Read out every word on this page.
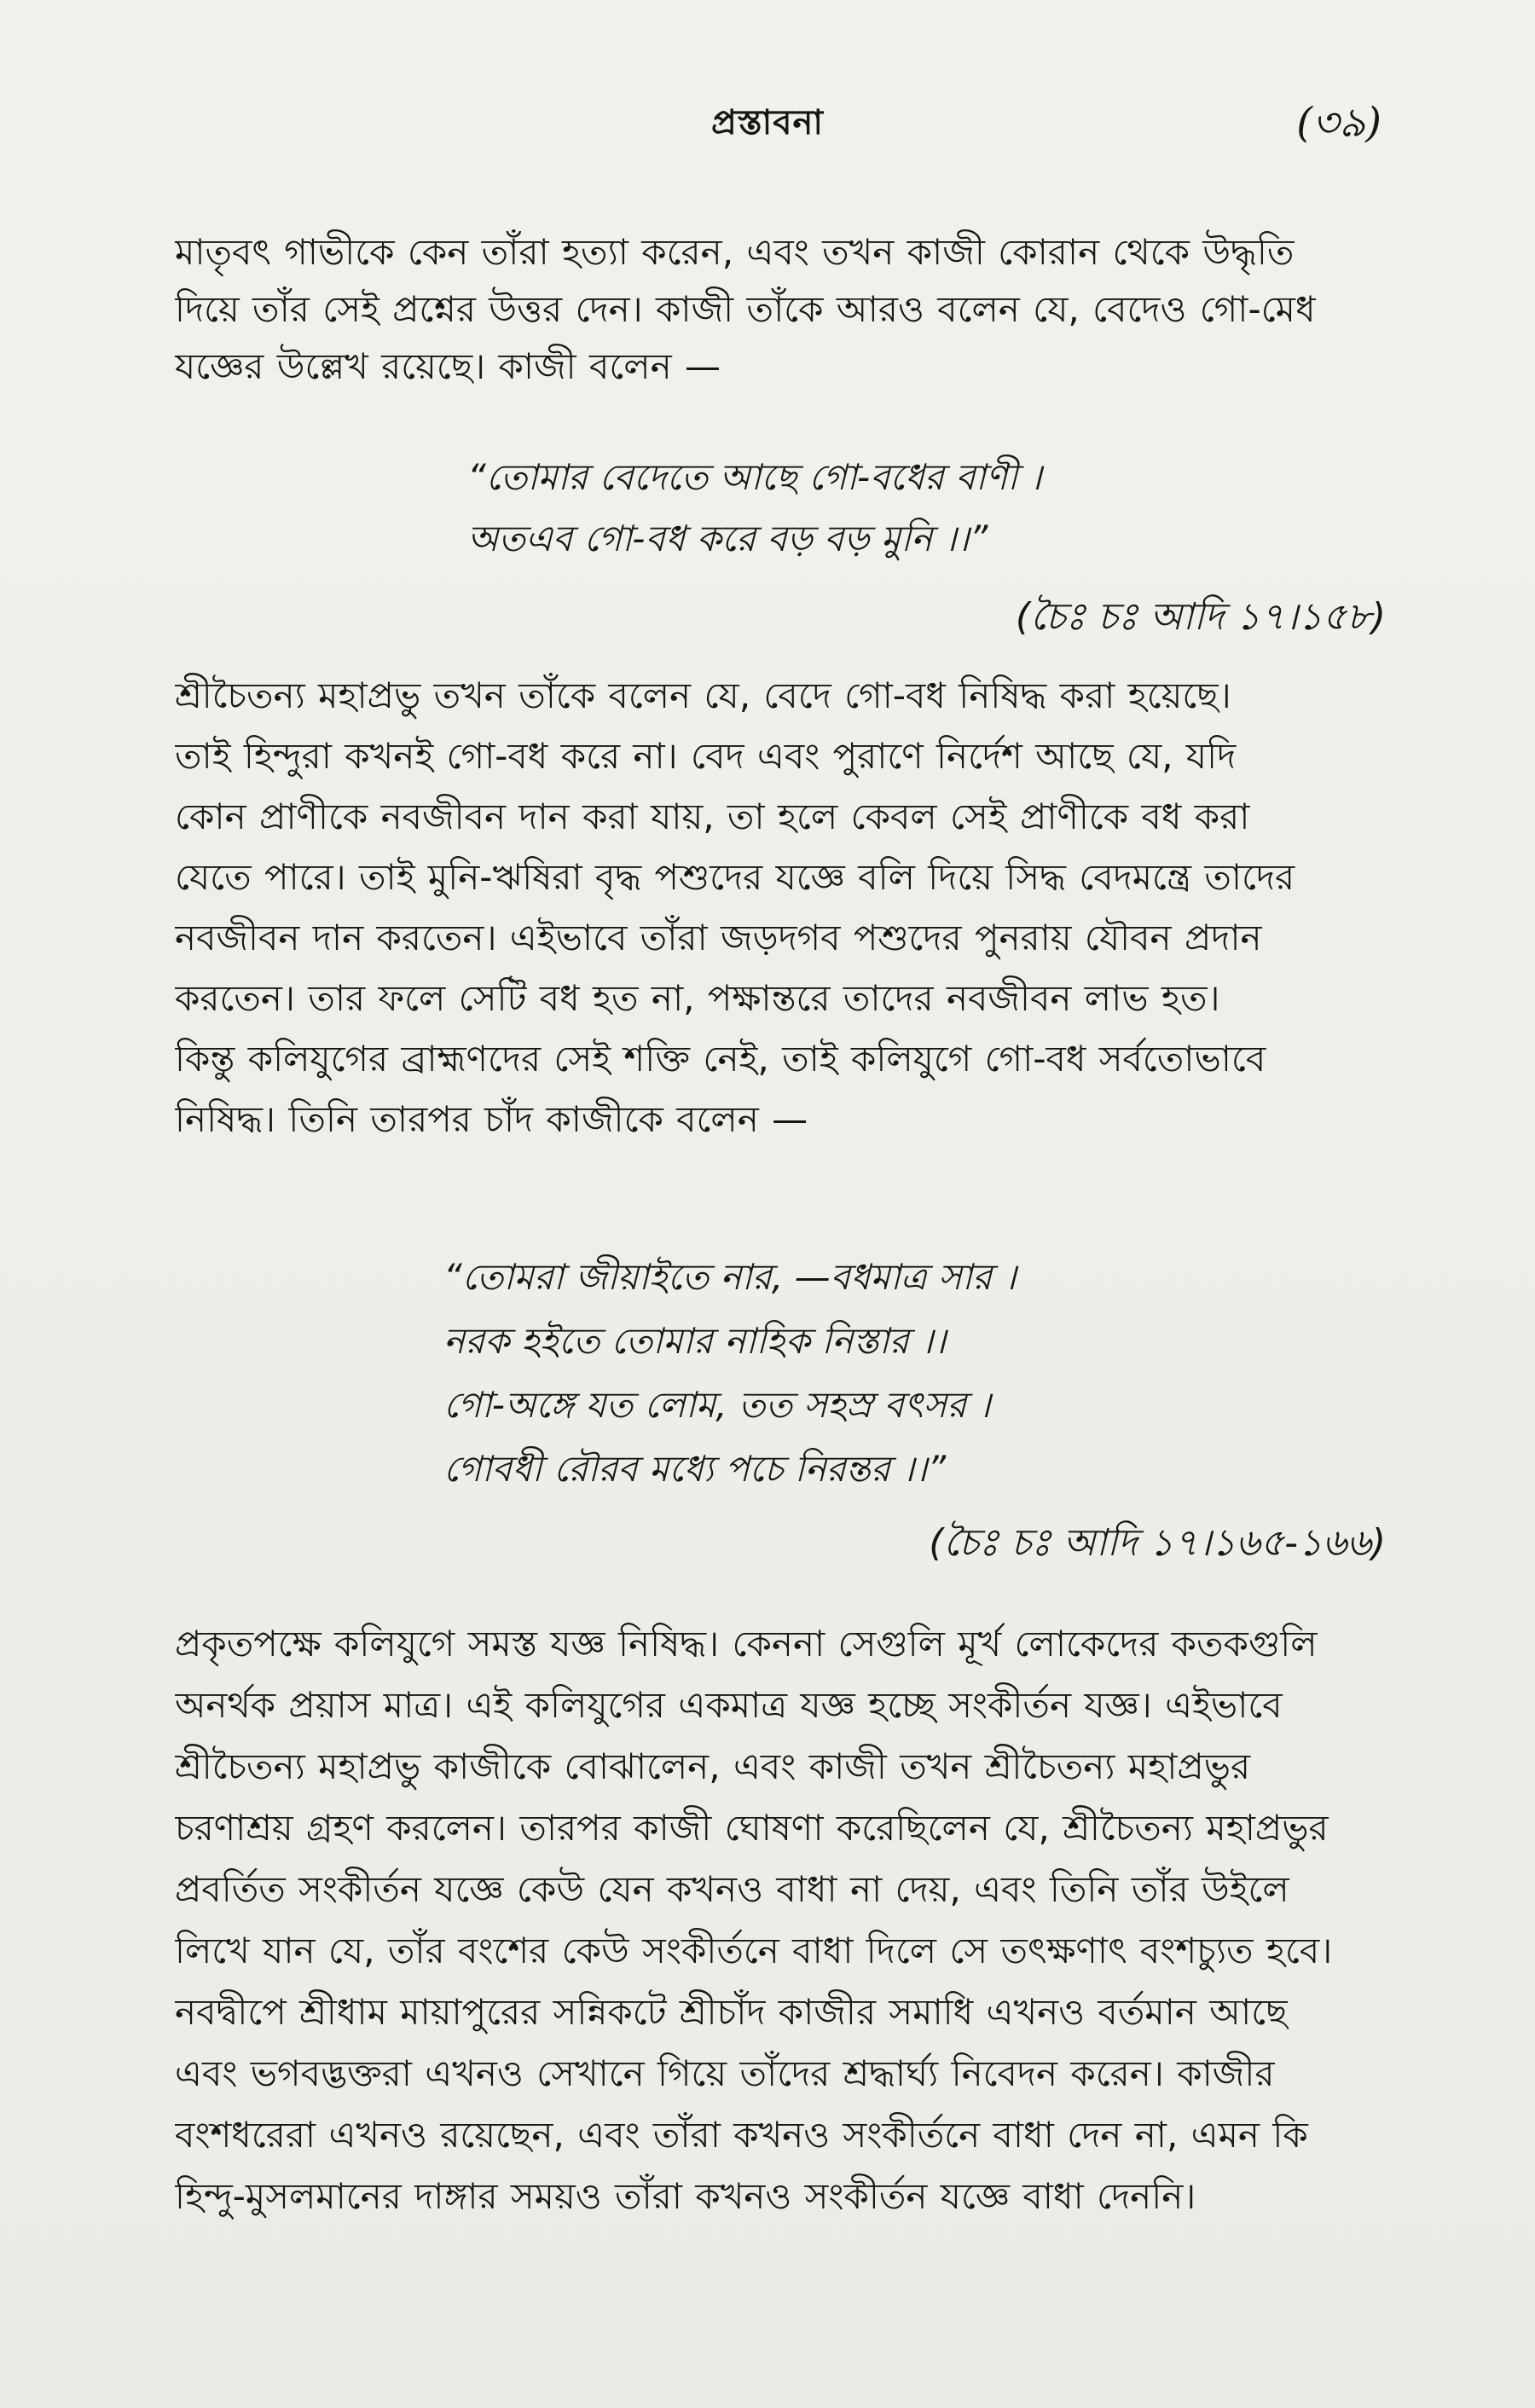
প্রস্তাবনা	(৩৯)

মাতৃবৎ গাভীকে কেন তাঁরা হত্যা করেন, এবং তখন কাজী কোরান থেকে উদ্ধৃতি
দিয়ে তাঁর সেই প্রশ্নের উত্তর দেন। কাজী তাঁকে আরও বলেন যে, বেদেও গো-মেধ
যজ্ঞের উল্লেখ রয়েছে। কাজী বলেন —

“তোমার বেদেতে আছে গো-বধের বাণী ।
অতএব গো-বধ করে বড় বড় মুনি ।।”
(চৈঃ চঃ আদি ১৭।১৫৮)

শ্রীচৈতন্য মহাপ্রভু তখন তাঁকে বলেন যে, বেদে গো-বধ নিষিদ্ধ করা হয়েছে।
তাই হিন্দুরা কখনই গো-বধ করে না। বেদ এবং পুরাণে নির্দেশ আছে যে, যদি
কোন প্রাণীকে নবজীবন দান করা যায়, তা হলে কেবল সেই প্রাণীকে বধ করা
যেতে পারে। তাই মুনি-ঋষিরা বৃদ্ধ পশুদের যজ্ঞে বলি দিয়ে সিদ্ধ বেদমন্ত্রে তাদের
নবজীবন দান করতেন। এইভাবে তাঁরা জড়দগব পশুদের পুনরায় যৌবন প্রদান
করতেন। তার ফলে সেটি বধ হত না, পক্ষান্তরে তাদের নবজীবন লাভ হত।
কিন্তু কলিযুগের ব্রাহ্মণদের সেই শক্তি নেই, তাই কলিযুগে গো-বধ সর্বতোভাবে
নিষিদ্ধ। তিনি তারপর চাঁদ কাজীকে বলেন —

“তোমরা জীয়াইতে নার, —বধমাত্র সার ।
নরক হইতে তোমার নাহিক নিস্তার ।।
গো-অঙ্গে যত লোম, তত সহস্র বৎসর ।
গোবধী রৌরব মধ্যে পচে নিরন্তর ।।”
(চৈঃ চঃ আদি ১৭।১৬৫-১৬৬)

প্রকৃতপক্ষে কলিযুগে সমস্ত যজ্ঞ নিষিদ্ধ। কেননা সেগুলি মূর্খ লোকেদের কতকগুলি
অনর্থক প্রয়াস মাত্র। এই কলিযুগের একমাত্র যজ্ঞ হচ্ছে সংকীর্তন যজ্ঞ। এইভাবে
শ্রীচৈতন্য মহাপ্রভু কাজীকে বোঝালেন, এবং কাজী তখন শ্রীচৈতন্য মহাপ্রভুর
চরণাশ্রয় গ্রহণ করলেন। তারপর কাজী ঘোষণা করেছিলেন যে, শ্রীচৈতন্য মহাপ্রভুর
প্রবর্তিত সংকীর্তন যজ্ঞে কেউ যেন কখনও বাধা না দেয়, এবং তিনি তাঁর উইলে
লিখে যান যে, তাঁর বংশের কেউ সংকীর্তনে বাধা দিলে সে তৎক্ষণাৎ বংশচ্যুত হবে।
নবদ্বীপে শ্রীধাম মায়াপুরের সন্নিকটে শ্রীচাঁদ কাজীর সমাধি এখনও বর্তমান আছে
এবং ভগবদ্ভক্তরা এখনও সেখানে গিয়ে তাঁদের শ্রদ্ধার্ঘ্য নিবেদন করেন। কাজীর
বংশধরেরা এখনও রয়েছেন, এবং তাঁরা কখনও সংকীর্তনে বাধা দেন না, এমন কি
হিন্দু-মুসলমানের দাঙ্গার সময়ও তাঁরা কখনও সংকীর্তন যজ্ঞে বাধা দেননি।
